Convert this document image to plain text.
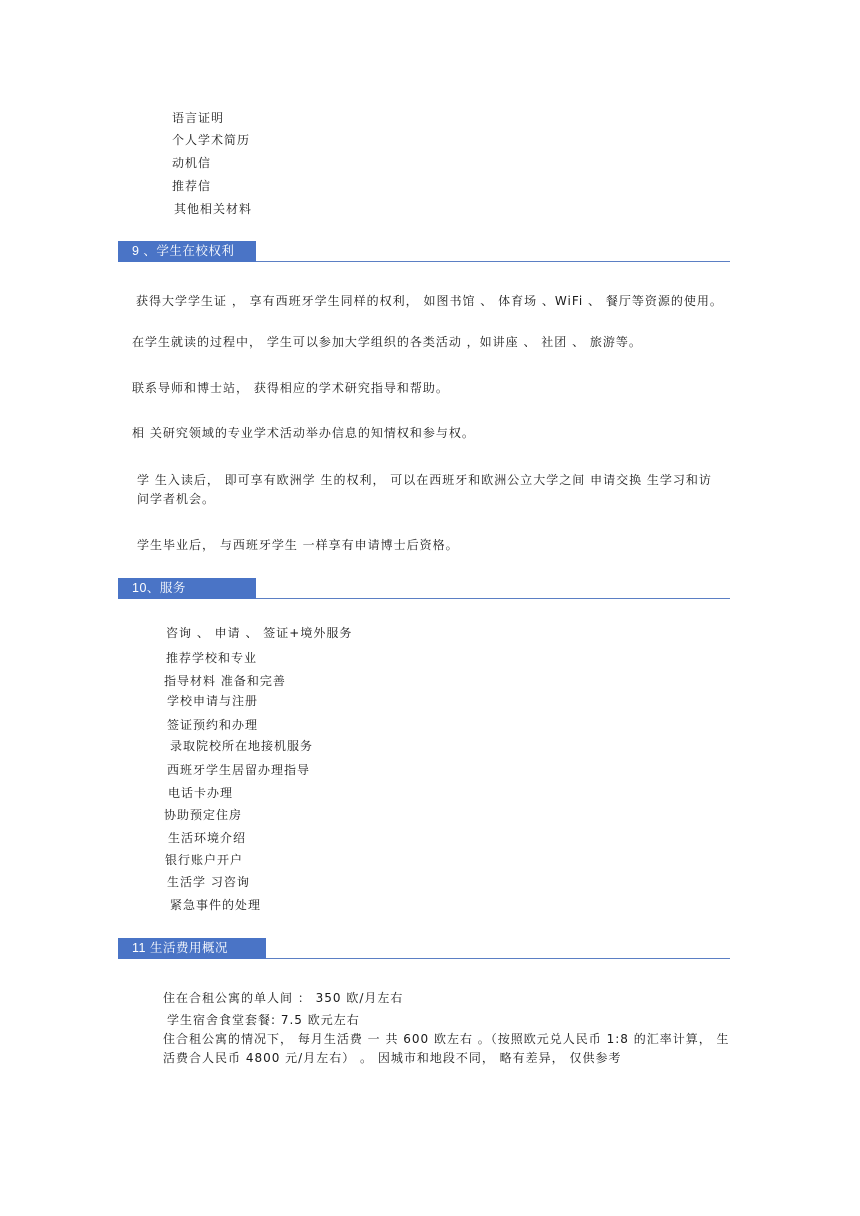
语言证明
个人学术简历
动机信
推荐信
其他相关材料
9 、学生在校权利
获得大学学生证 ， 享有西班牙学生同样的权利， 如图书馆 、 体育场 、WiFi 、 餐厅等资源的使用。
在学生就读的过程中， 学生可以参加大学组织的各类活动 ，如讲座 、 社团 、 旅游等。
联系导师和博士站， 获得相应的学术研究指导和帮助。
相 关研究领域的专业学术活动举办信息的知情权和参与权。
学 生入读后， 即可享有欧洲学 生的权利， 可以在西班牙和欧洲公立大学之间 申请交换 生学习和访问学者机会。
学生毕业后， 与西班牙学生 一样享有申请博士后资格。
10、服务
咨询 、 申请 、 签证+境外服务
推荐学校和专业
指导材料 准备和完善
学校申请与注册
签证预约和办理
录取院校所在地接机服务
西班牙学生居留办理指导
电话卡办理
协助预定住房
生活环境介绍
银行账户开户
生活学 习咨询
紧急事件的处理
11 生活费用概况
住在合租公寓的单人间 ： 350 欧/月左右
学生宿舍食堂套餐: 7.5 欧元左右
住合租公寓的情况下， 每月生活费 一 共 600 欧左右 。（按照欧元兑人民币 1:8 的汇率计算， 生活费合人民币 4800 元/月左右） 。 因城市和地段不同， 略有差异， 仅供参考
